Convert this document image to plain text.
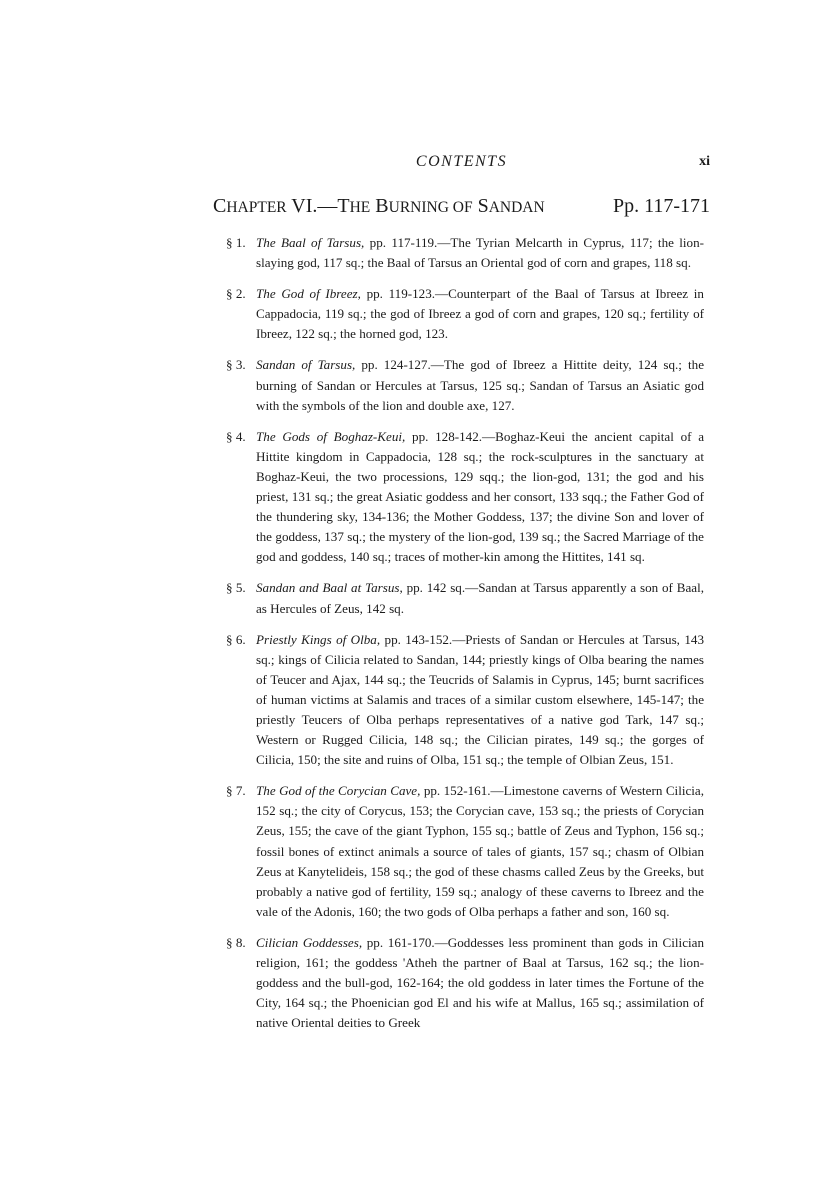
CONTENTS	xi
CHAPTER VI.—THE BURNING OF SANDAN	Pp. 117-171
§ 1. The Baal of Tarsus, pp. 117-119.—The Tyrian Melcarth in Cyprus, 117; the lion-slaying god, 117 sq.; the Baal of Tarsus an Oriental god of corn and grapes, 118 sq.
§ 2. The God of Ibreez, pp. 119-123.—Counterpart of the Baal of Tarsus at Ibreez in Cappadocia, 119 sq.; the god of Ibreez a god of corn and grapes, 120 sq.; fertility of Ibreez, 122 sq.; the horned god, 123.
§ 3. Sandan of Tarsus, pp. 124-127.—The god of Ibreez a Hittite deity, 124 sq.; the burning of Sandan or Hercules at Tarsus, 125 sq.; Sandan of Tarsus an Asiatic god with the symbols of the lion and double axe, 127.
§ 4. The Gods of Boghaz-Keui, pp. 128-142.—Boghaz-Keui the ancient capital of a Hittite kingdom in Cappadocia, 128 sq.; the rock-sculptures in the sanctuary at Boghaz-Keui, the two processions, 129 sqq.; the lion-god, 131; the god and his priest, 131 sq.; the great Asiatic goddess and her consort, 133 sqq.; the Father God of the thundering sky, 134-136; the Mother Goddess, 137; the divine Son and lover of the goddess, 137 sq.; the mystery of the lion-god, 139 sq.; the Sacred Marriage of the god and goddess, 140 sq.; traces of mother-kin among the Hittites, 141 sq.
§ 5. Sandan and Baal at Tarsus, pp. 142 sq.—Sandan at Tarsus apparently a son of Baal, as Hercules of Zeus, 142 sq.
§ 6. Priestly Kings of Olba, pp. 143-152.—Priests of Sandan or Hercules at Tarsus, 143 sq.; kings of Cilicia related to Sandan, 144; priestly kings of Olba bearing the names of Teucer and Ajax, 144 sq.; the Teucrids of Salamis in Cyprus, 145; burnt sacrifices of human victims at Salamis and traces of a similar custom elsewhere, 145-147; the priestly Teucers of Olba perhaps representatives of a native god Tark, 147 sq.; Western or Rugged Cilicia, 148 sq.; the Cilician pirates, 149 sq.; the gorges of Cilicia, 150; the site and ruins of Olba, 151 sq.; the temple of Olbian Zeus, 151.
§ 7. The God of the Corycian Cave, pp. 152-161.—Limestone caverns of Western Cilicia, 152 sq.; the city of Corycus, 153; the Corycian cave, 153 sq.; the priests of Corycian Zeus, 155; the cave of the giant Typhon, 155 sq.; battle of Zeus and Typhon, 156 sq.; fossil bones of extinct animals a source of tales of giants, 157 sq.; chasm of Olbian Zeus at Kanytelideis, 158 sq.; the god of these chasms called Zeus by the Greeks, but probably a native god of fertility, 159 sq.; analogy of these caverns to Ibreez and the vale of the Adonis, 160; the two gods of Olba perhaps a father and son, 160 sq.
§ 8. Cilician Goddesses, pp. 161-170.—Goddesses less prominent than gods in Cilician religion, 161; the goddess 'Atheh the partner of Baal at Tarsus, 162 sq.; the lion-goddess and the bull-god, 162-164; the old goddess in later times the Fortune of the City, 164 sq.; the Phoenician god El and his wife at Mallus, 165 sq.; assimilation of native Oriental deities to Greek
